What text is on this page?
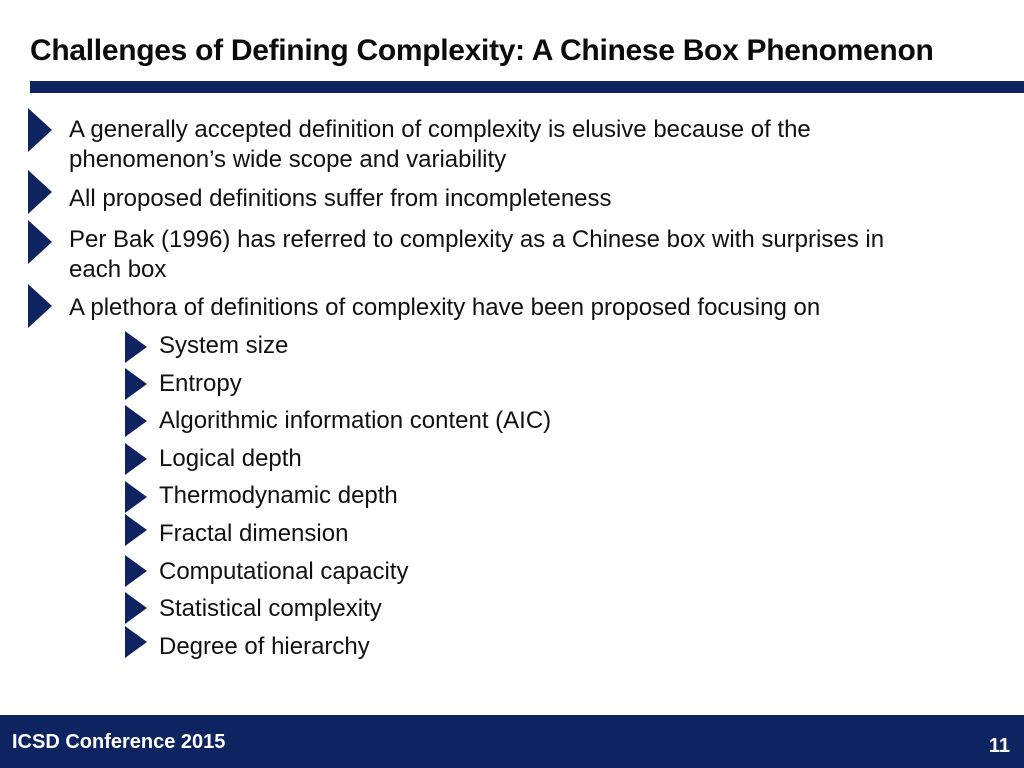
Challenges of Defining Complexity: A Chinese Box Phenomenon
A generally accepted definition of complexity is elusive because of the
phenomenon’s wide scope and variability
All proposed definitions suffer from incompleteness
Per Bak (1996) has referred to complexity as a Chinese box with surprises in
each box
A plethora of definitions of complexity have been proposed focusing on
System size
Entropy
Algorithmic information content (AIC)
Logical depth
Thermodynamic depth
Fractal dimension
Computational capacity
Statistical complexity
Degree of hierarchy
ICSD Conference 2015	11
